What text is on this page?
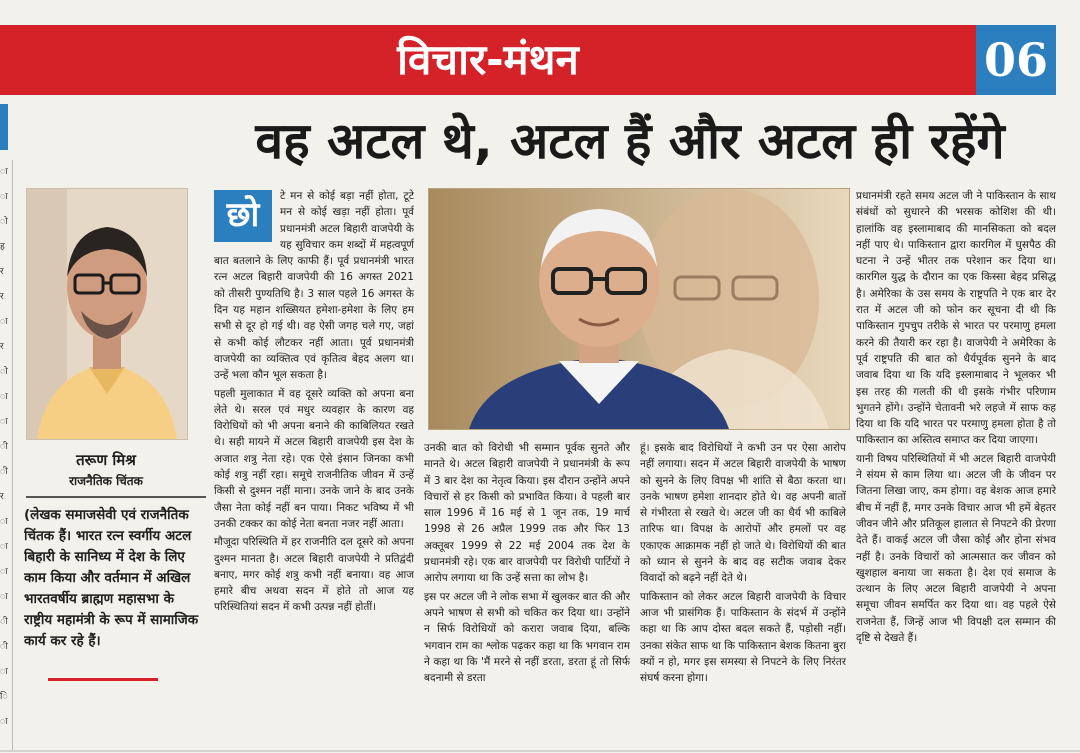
विचार-मंथन	06
ा
ा
ो
ह
र
र
ा
र
ो
ा
ा
ी
ी
र
ा
ा
ा
ा
ी
ी
ा
ि
ा
वह अटल थे, अटल हैं और अटल ही रहेंगे
तरूण मिश्र
राजनैतिक चिंतक
(लेखक समाजसेवी एवं राजनैतिक चिंतक हैं। भारत रत्न स्वर्गीय अटल बिहारी के सानिध्य में देश के लिए काम किया और वर्तमान में अखिल भारतवर्षीय ब्राह्मण महासभा के राष्ट्रीय महामंत्री के रूप में सामाजिक कार्य कर रहे हैं।
छो	टे मन से कोई बड़ा नहीं होता, टूटे मन से कोई खड़ा नहीं होता। पूर्व प्रधानमंत्री अटल बिहारी वाजपेयी के यह सुविचार कम शब्दों में महत्वपूर्ण बात बतलाने के लिए काफी हैं। पूर्व प्रधानमंत्री भारत रत्न अटल बिहारी वाजपेयी की 16 अगस्त 2021 को तीसरी पुण्यतिथि है। 3 साल पहले 16 अगस्त के दिन यह महान शख्सियत हमेशा-हमेशा के लिए हम सभी से दूर हो गई थी। वह ऐसी जगह चले गए, जहां से कभी कोई लौटकर नहीं आता। पूर्व प्रधानमंत्री वाजपेयी का व्यक्तित्व एवं कृतित्व बेहद अलग था। उन्हें भला कौन भूल सकता है।

पहली मुलाकात में वह दूसरे व्यक्ति को अपना बना लेते थे। सरल एवं मधुर व्यवहार के कारण वह विरोधियों को भी अपना बनाने की काबिलियत रखते थे। सही मायने में अटल बिहारी वाजपेयी इस देश के अजात शत्रु नेता रहे। एक ऐसे इंसान जिनका कभी कोई शत्रु नहीं रहा। समूचे राजनीतिक जीवन में उन्हें किसी से दुश्मन नहीं माना। उनके जाने के बाद उनके जैसा नेता कोई नहीं बन पाया। निकट भविष्य में भी उनकी टक्कर का कोई नेता बनता नजर नहीं आता।

मौजूदा परिस्थिति में हर राजनीति दल दूसरे को अपना दुश्मन मानता है। अटल बिहारी वाजपेयी ने प्रतिद्वंदी बनाए, मगर कोई शत्रु कभी नहीं बनाया। वह आज हमारे बीच अथवा सदन में होते तो आज यह परिस्थितियां सदन में कभी उत्पन्न नहीं होतीं।

उनकी बात को विरोधी भी सम्मान पूर्वक सुनते और मानते थे। अटल बिहारी वाजपेयी ने प्रधानमंत्री के रूप में 3 बार देश का नेतृत्व किया। इस दौरान उन्होंने अपने विचारों से हर किसी को प्रभावित किया। वे पहली बार साल 1996 में 16 मई से 1 जून तक, 19 मार्च 1998 से 26 अप्रैल 1999 तक और फिर 13 अक्तूबर 1999 से 22 मई 2004 तक देश के प्रधानमंत्री रहे। एक बार वाजपेयी पर विरोधी पार्टियों ने आरोप लगाया था कि उन्हें सत्ता का लोभ है।

इस पर अटल जी ने लोक सभा में खुलकर बात की और अपने भाषण से सभी को चकित कर दिया था। उन्होंने न सिर्फ विरोधियों को करारा जवाब दिया, बल्कि भगवान राम का श्लोक पढ़कर कहा था कि भगवान राम ने कहा था कि 'मैं मरने से नहीं डरता, डरता हूं तो सिर्फ बदनामी से डरता

हूं। इसके बाद विरोधियों ने कभी उन पर ऐसा आरोप नहीं लगाया। सदन में अटल बिहारी वाजपेयी के भाषण को सुनने के लिए विपक्ष भी शांति से बैठा करता था। उनके भाषण हमेशा शानदार होते थे। वह अपनी बातों से गंभीरता से रखते थे। अटल जी का धैर्य भी काबिले तारिफ था। विपक्ष के आरोपों और हमलों पर वह एकाएक आक्रामक नहीं हो जाते थे। विरोधियों की बात को ध्यान से सुनने के बाद वह सटीक जवाब देकर विवादों को बढ़ने नहीं देते थे।

पाकिस्तान को लेकर अटल बिहारी वाजपेयी के विचार आज भी प्रासंगिक हैं। पाकिस्तान के संदर्भ में उन्होंने कहा था कि आप दोस्त बदल सकते हैं, पड़ोसी नहीं। उनका संकेत साफ था कि पाकिस्तान बेशक कितना बुरा क्यों न हो, मगर इस समस्या से निपटने के लिए निरंतर संघर्ष करना होगा।

प्रधानमंत्री रहते समय अटल जी ने पाकिस्तान के साथ संबंधों को सुधारने की भरसक कोशिश की थी। हालांकि वह इस्लामाबाद की मानसिकता को बदल नहीं पाए थे। पाकिस्तान द्वारा कारगिल में घुसपैठ की घटना ने उन्हें भीतर तक परेशान कर दिया था। कारगिल युद्ध के दौरान का एक किस्सा बेहद प्रसिद्ध है। अमेरिका के उस समय के राष्ट्रपति ने एक बार देर रात में अटल जी को फोन कर सूचना दी थी कि पाकिस्तान गुपचुप तरीके से भारत पर परमाणु हमला करने की तैयारी कर रहा है। वाजपेयी ने अमेरिका के पूर्व राष्ट्रपति की बात को धैर्यपूर्वक सुनने के बाद जवाब दिया था कि यदि इस्लामाबाद ने भूलकर भी इस तरह की गलती की थी इसके गंभीर परिणाम भुगतने होंगे। उन्होंने चेतावनी भरे लहजे में साफ कह दिया था कि यदि भारत पर परमाणु हमला होता है तो पाकिस्तान का अस्तित्व समाप्त कर दिया जाएगा।

यानी विषय परिस्थितियों में भी अटल बिहारी वाजपेयी ने संयम से काम लिया था। अटल जी के जीवन पर जितना लिखा जाए, कम होगा। वह बेशक आज हमारे बीच में नहीं हैं, मगर उनके विचार आज भी हमें बेहतर जीवन जीने और प्रतिकूल हालात से निपटने की प्रेरणा देते हैं। वाकई अटल जी जैसा कोई और होना संभव नहीं है। उनके विचारों को आत्मसात कर जीवन को खुशहाल बनाया जा सकता है। देश एवं समाज के उत्थान के लिए अटल बिहारी वाजपेयी ने अपना समूचा जीवन समर्पित कर दिया था। वह पहले ऐसे राजनेता हैं, जिन्हें आज भी विपक्षी दल सम्मान की दृष्टि से देखते हैं।
